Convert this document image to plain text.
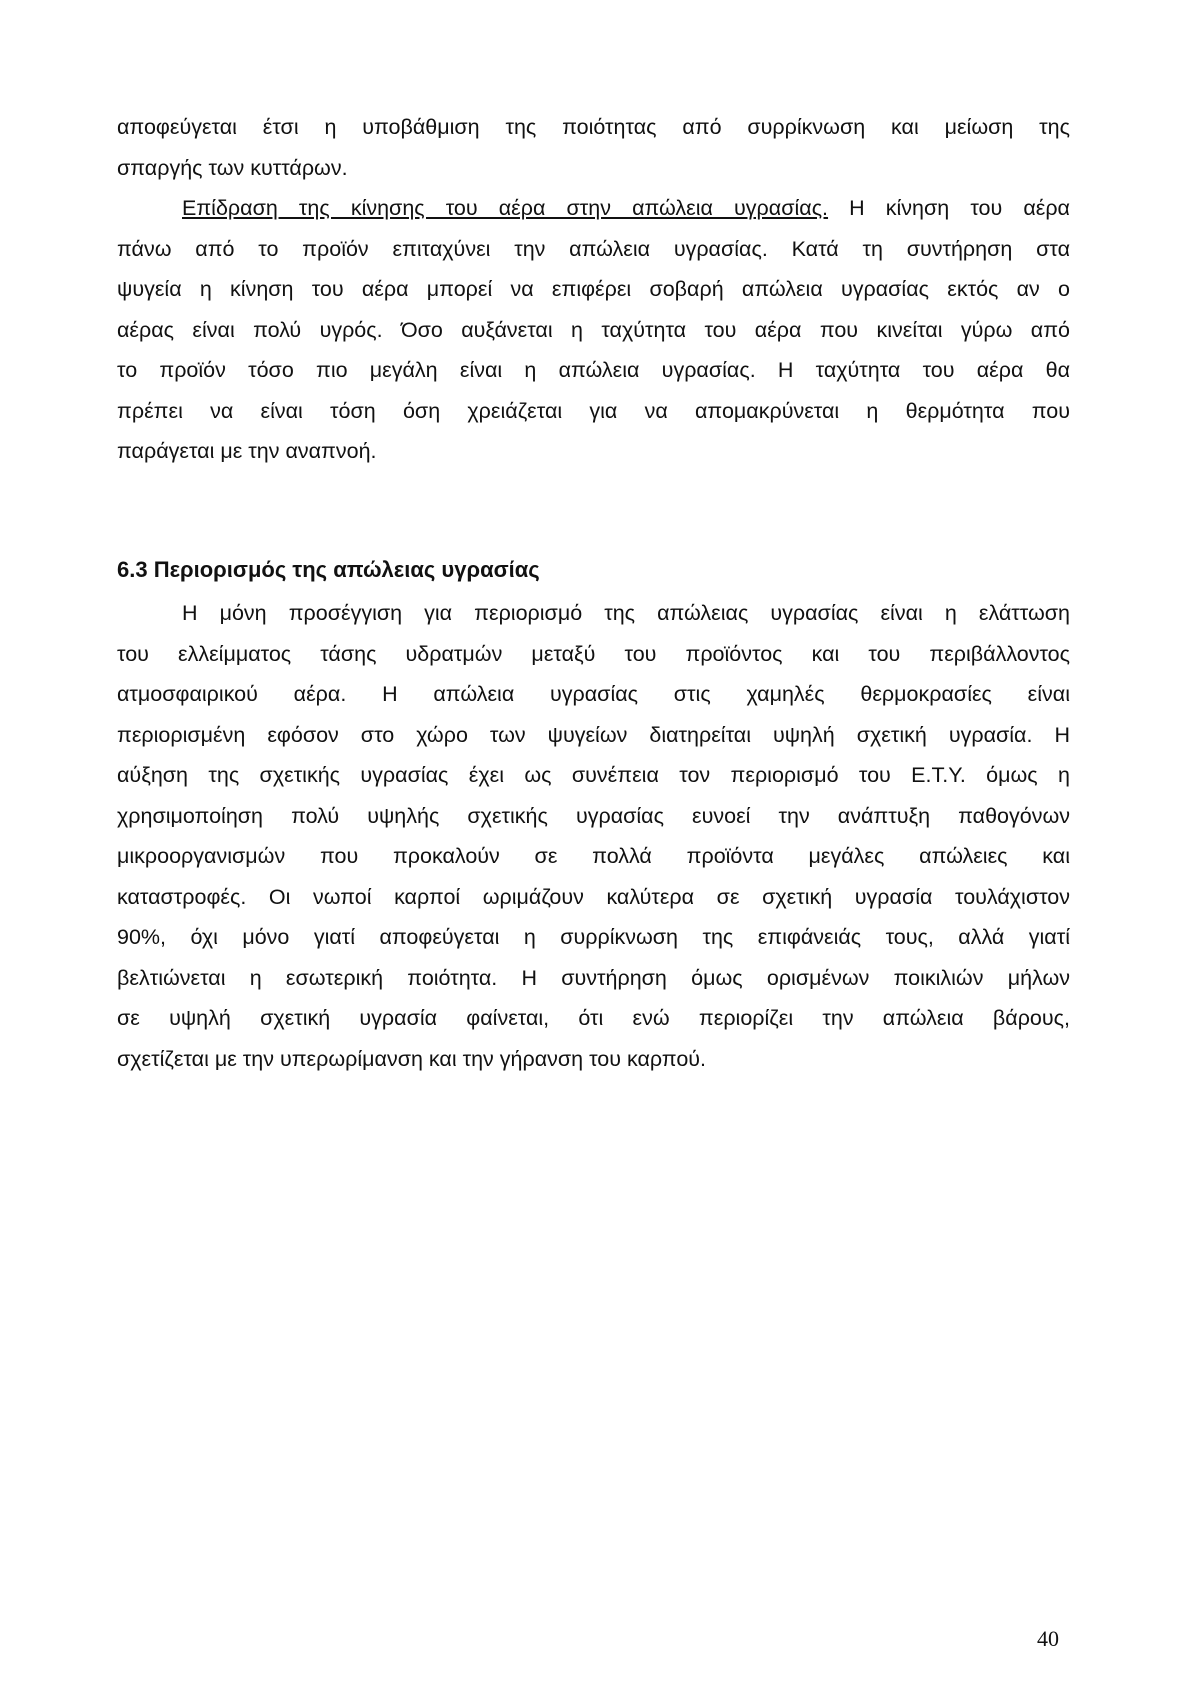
αποφεύγεται έτσι η υποβάθμιση της ποιότητας από συρρίκνωση και μείωση της
σπαργής των κυττάρων.
Επίδραση της κίνησης του αέρα στην απώλεια υγρασίας. Η κίνηση του αέρα
πάνω από το προϊόν επιταχύνει την απώλεια υγρασίας. Κατά τη συντήρηση στα
ψυγεία η κίνηση του αέρα μπορεί να επιφέρει σοβαρή απώλεια υγρασίας εκτός αν ο
αέρας είναι πολύ υγρός. Όσο αυξάνεται η ταχύτητα του αέρα που κινείται γύρω από
το προϊόν τόσο πιο μεγάλη είναι η απώλεια υγρασίας. Η ταχύτητα του αέρα θα
πρέπει να είναι τόση όση χρειάζεται για να απομακρύνεται η θερμότητα που
παράγεται με την αναπνοή.
6.3 Περιορισμός της απώλειας υγρασίας
Η μόνη προσέγγιση για περιορισμό της απώλειας υγρασίας είναι η ελάττωση
του ελλείμματος τάσης υδρατμών μεταξύ του προϊόντος και του περιβάλλοντος
ατμοσφαιρικού αέρα. Η απώλεια υγρασίας στις χαμηλές θερμοκρασίες είναι
περιορισμένη εφόσον στο χώρο των ψυγείων διατηρείται υψηλή σχετική υγρασία. Η
αύξηση της σχετικής υγρασίας έχει ως συνέπεια τον περιορισμό του Ε.Τ.Υ. όμως η
χρησιμοποίηση πολύ υψηλής σχετικής υγρασίας ευνοεί την ανάπτυξη παθογόνων
μικροοργανισμών που προκαλούν σε πολλά προϊόντα μεγάλες απώλειες και
καταστροφές. Οι νωποί καρποί ωριμάζουν καλύτερα σε σχετική υγρασία τουλάχιστον
90%, όχι μόνο γιατί αποφεύγεται η συρρίκνωση της επιφάνειάς τους, αλλά γιατί
βελτιώνεται η εσωτερική ποιότητα. Η συντήρηση όμως ορισμένων ποικιλιών μήλων
σε υψηλή σχετική υγρασία φαίνεται, ότι ενώ περιορίζει την απώλεια βάρους,
σχετίζεται με την υπερωρίμανση και την γήρανση του καρπού.
40
